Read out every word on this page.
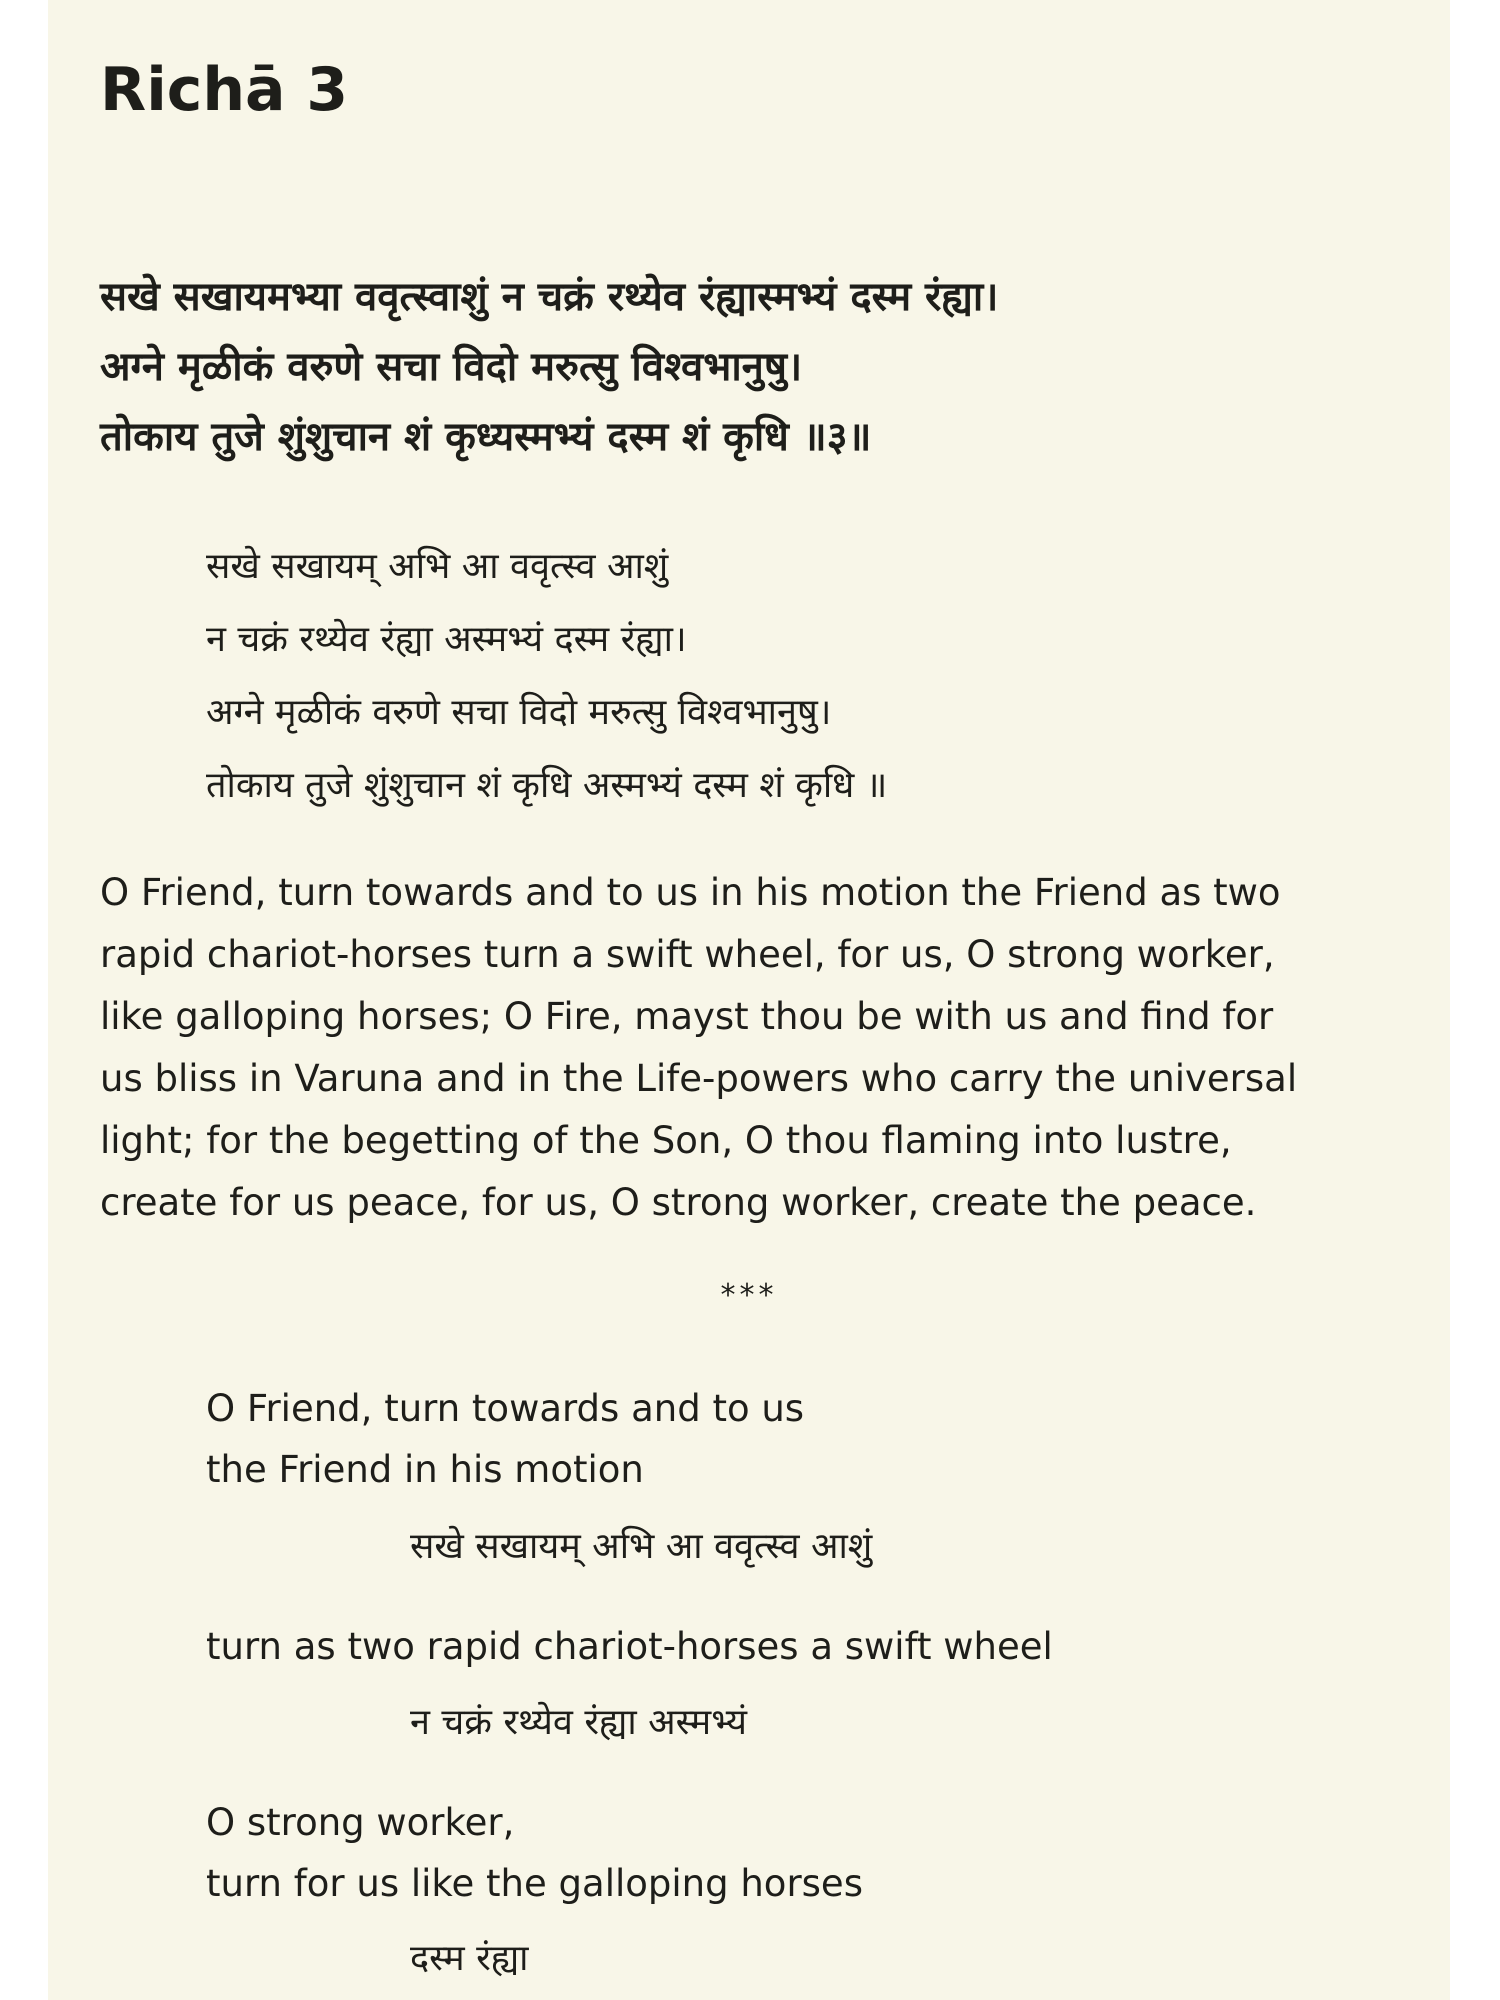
Richā 3
सखे सखायमभ्या ववृत्स्वाशुं न चक्रं रथ्येव रंह्यास्मभ्यं दस्म रंह्या।
अग्ने मृळीकं वरुणे सचा विदो मरुत्सु विश्वभानुषु।
तोकाय तुजे शुंशुचान शं कृध्यस्मभ्यं दस्म शं कृधि ॥३॥
सखे सखायम् अभि आ ववृत्स्व आशुं
न चक्रं रथ्येव रंह्या अस्मभ्यं दस्म रंह्या।
अग्ने मृळीकं वरुणे सचा विदो मरुत्सु विश्वभानुषु।
तोकाय तुजे शुंशुचान शं कृधि अस्मभ्यं दस्म शं कृधि ॥
O Friend, turn towards and to us in his motion the Friend as two
rapid chariot-horses turn a swift wheel, for us, O strong worker,
like galloping horses; O Fire, mayst thou be with us and find for
us bliss in Varuna and in the Life-powers who carry the universal
light; for the begetting of the Son, O thou flaming into lustre,
create for us peace, for us, O strong worker, create the peace.

***

O Friend, turn towards and to us
the Friend in his motion

सखे सखायम् अभि आ ववृत्स्व आशुं

turn as two rapid chariot-horses a swift wheel

न चक्रं रथ्येव रंह्या अस्मभ्यं

O strong worker,
turn for us like the galloping horses

दस्म रंह्या
